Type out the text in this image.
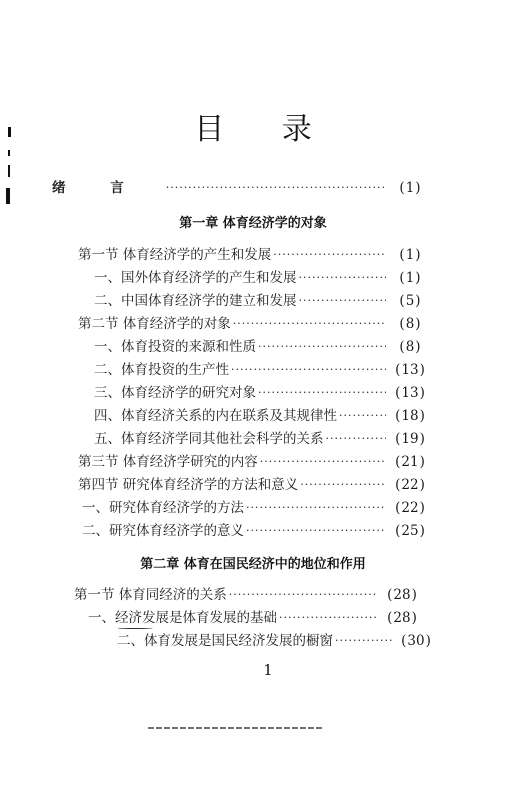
目 录
绪 言 ·····	(1)
第一章 体育经济学的对象
第一节 体育经济学的产生和发展 ·····	(1)
一、国外体育经济学的产生和发展 ·····	(1)
二、中国体育经济学的建立和发展 ·····	(5)
第二节 体育经济学的对象 ·····	(8)
一、体育投资的来源和性质 ·····	(8)
二、体育投资的生产性 ·····	(13)
三、体育经济学的研究对象 ·····	(13)
四、体育经济关系的内在联系及其规律性 ·····	(18)
五、体育经济学同其他社会科学的关系 ·····	(19)
第三节 体育经济学研究的内容 ·····	(21)
第四节 研究体育经济学的方法和意义 ·····	(22)
一、研究体育经济学的方法 ·····	(22)
二、研究体育经济学的意义 ·····	(25)
第二章 体育在国民经济中的地位和作用
第一节 体育同经济的关系 ·····	(28)
一、经济发展是体育发展的基础 ·····	(28)
二、体育发展是国民经济发展的橱窗 ·····	(30)
1
